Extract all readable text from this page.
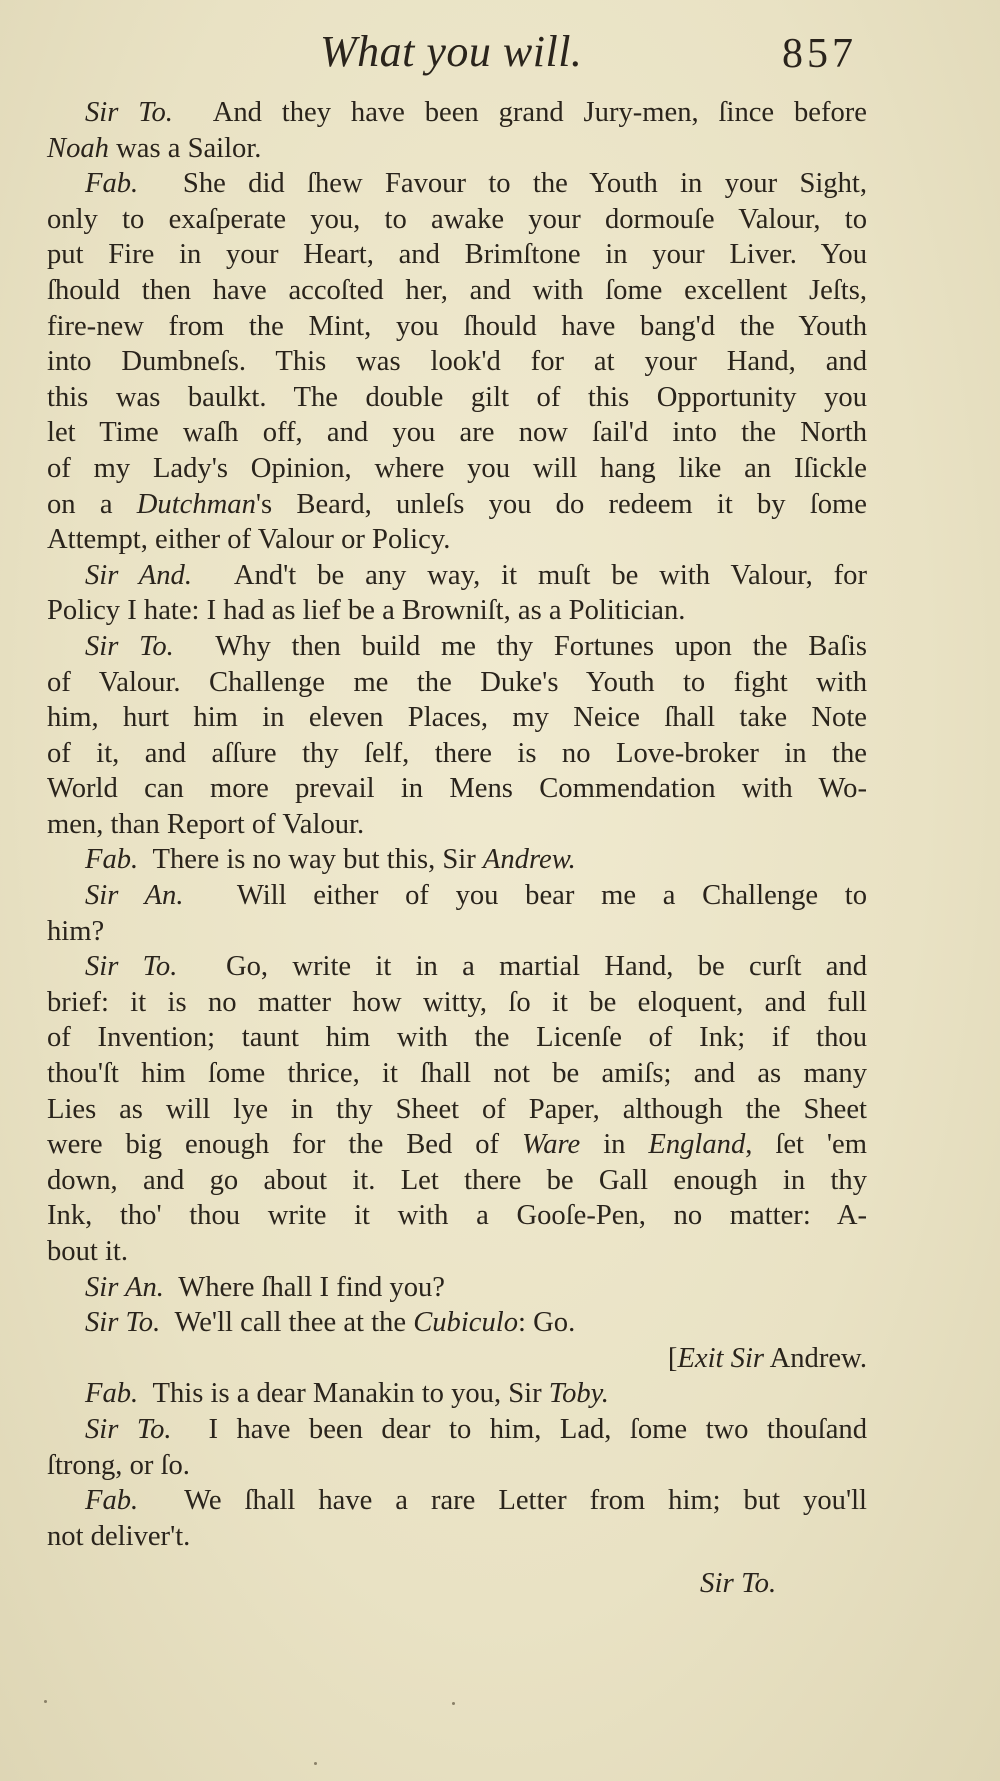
What you will.	857
Sir To. And they have been grand Jury-men, ſince before
Noah was a Sailor.
Fab. She did ſhew Favour to the Youth in your Sight,
only to exaſperate you, to awake your dormouſe Valour, to
put Fire in your Heart, and Brimſtone in your Liver. You
ſhould then have accoſted her, and with ſome excellent Jeſts,
fire-new from the Mint, you ſhould have bang'd the Youth
into Dumbneſs. This was look'd for at your Hand, and
this was baulkt. The double gilt of this Opportunity you
let Time waſh off, and you are now ſail'd into the North
of my Lady's Opinion, where you will hang like an Iſickle
on a Dutchman's Beard, unleſs you do redeem it by ſome
Attempt, either of Valour or Policy.
Sir And. And't be any way, it muſt be with Valour, for
Policy I hate: I had as lief be a Browniſt, as a Politician.
Sir To. Why then build me thy Fortunes upon the Baſis
of Valour. Challenge me the Duke's Youth to fight with
him, hurt him in eleven Places, my Neice ſhall take Note
of it, and aſſure thy ſelf, there is no Love-broker in the
World can more prevail in Mens Commendation with Wo-
men, than Report of Valour.
Fab. There is no way but this, Sir Andrew.
Sir An. Will either of you bear me a Challenge to
him?
Sir To. Go, write it in a martial Hand, be curſt and
brief: it is no matter how witty, ſo it be eloquent, and full
of Invention; taunt him with the Licenſe of Ink; if thou
thou'ſt him ſome thrice, it ſhall not be amiſs; and as many
Lies as will lye in thy Sheet of Paper, although the Sheet
were big enough for the Bed of Ware in England, ſet 'em
down, and go about it. Let there be Gall enough in thy
Ink, tho' thou write it with a Gooſe-Pen, no matter: A-
bout it.
Sir An. Where ſhall I find you?
Sir To. We'll call thee at the Cubiculo: Go.
[Exit Sir Andrew.
Fab. This is a dear Manakin to you, Sir Toby.
Sir To. I have been dear to him, Lad, ſome two thouſand
ſtrong, or ſo.
Fab. We ſhall have a rare Letter from him; but you'll
not deliver't.
Sir To.
